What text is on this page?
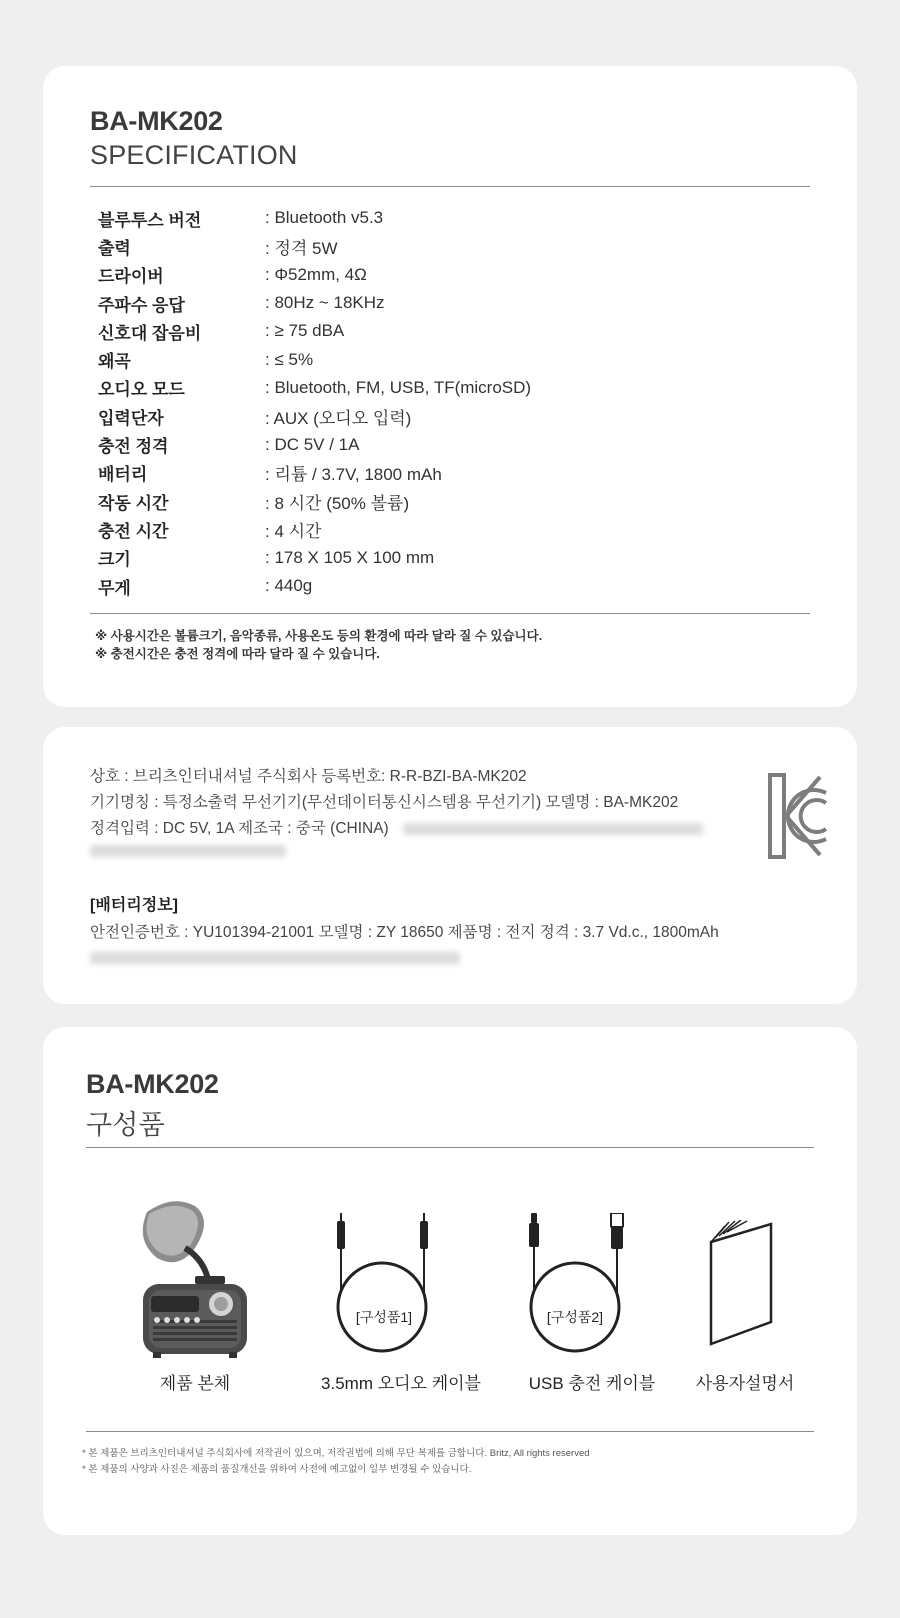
BA-MK202
SPECIFICATION
블루투스 버전	: Bluetooth v5.3
출력	: 정격 5W
드라이버	: Φ52mm, 4Ω
주파수 응답	: 80Hz ~ 18KHz
신호대 잡음비	: ≥ 75 dBA
왜곡	: ≤ 5%
오디오 모드	: Bluetooth, FM, USB, TF(microSD)
입력단자	: AUX (오디오 입력)
충전 정격	: DC 5V / 1A
배터리	: 리튬 / 3.7V, 1800 mAh
작동 시간	: 8 시간 (50% 볼륨)
충전 시간	: 4 시간
크기	: 178 X 105 X 100 mm
무게	: 440g
※ 사용시간은 볼륨크기, 음악종류, 사용온도 등의 환경에 따라 달라 질 수 있습니다.
※ 충전시간은 충전 정격에 따라 달라 질 수 있습니다.
상호 : 브리츠인터내셔널 주식회사 등록번호: R-R-BZI-BA-MK202
기기명칭 : 특정소출력 무선기기(무선데이터통신시스템용 무선기기) 모델명 : BA-MK202
정격입력 : DC 5V, 1A 제조국 : 중국 (CHINA)
[배터리정보]
안전인증번호 : YU101394-21001 모델명 : ZY 18650 제품명 : 전지 정격 : 3.7 Vd.c., 1800mAh
BA-MK202
구성품
[구성품1]	[구성품2]
제품 본체	3.5mm 오디오 케이블	USB 충전 케이블 사용자설명서
* 본 제품은 브리츠인터내셔널 주식회사에 저작권이 있으며, 저작권법에 의해 무단 복제를 금합니다. Britz, All rights reserved
* 본 제품의 사양과 사진은 제품의 품질개선을 위하여 사전에 예고없이 일부 변경될 수 있습니다.
